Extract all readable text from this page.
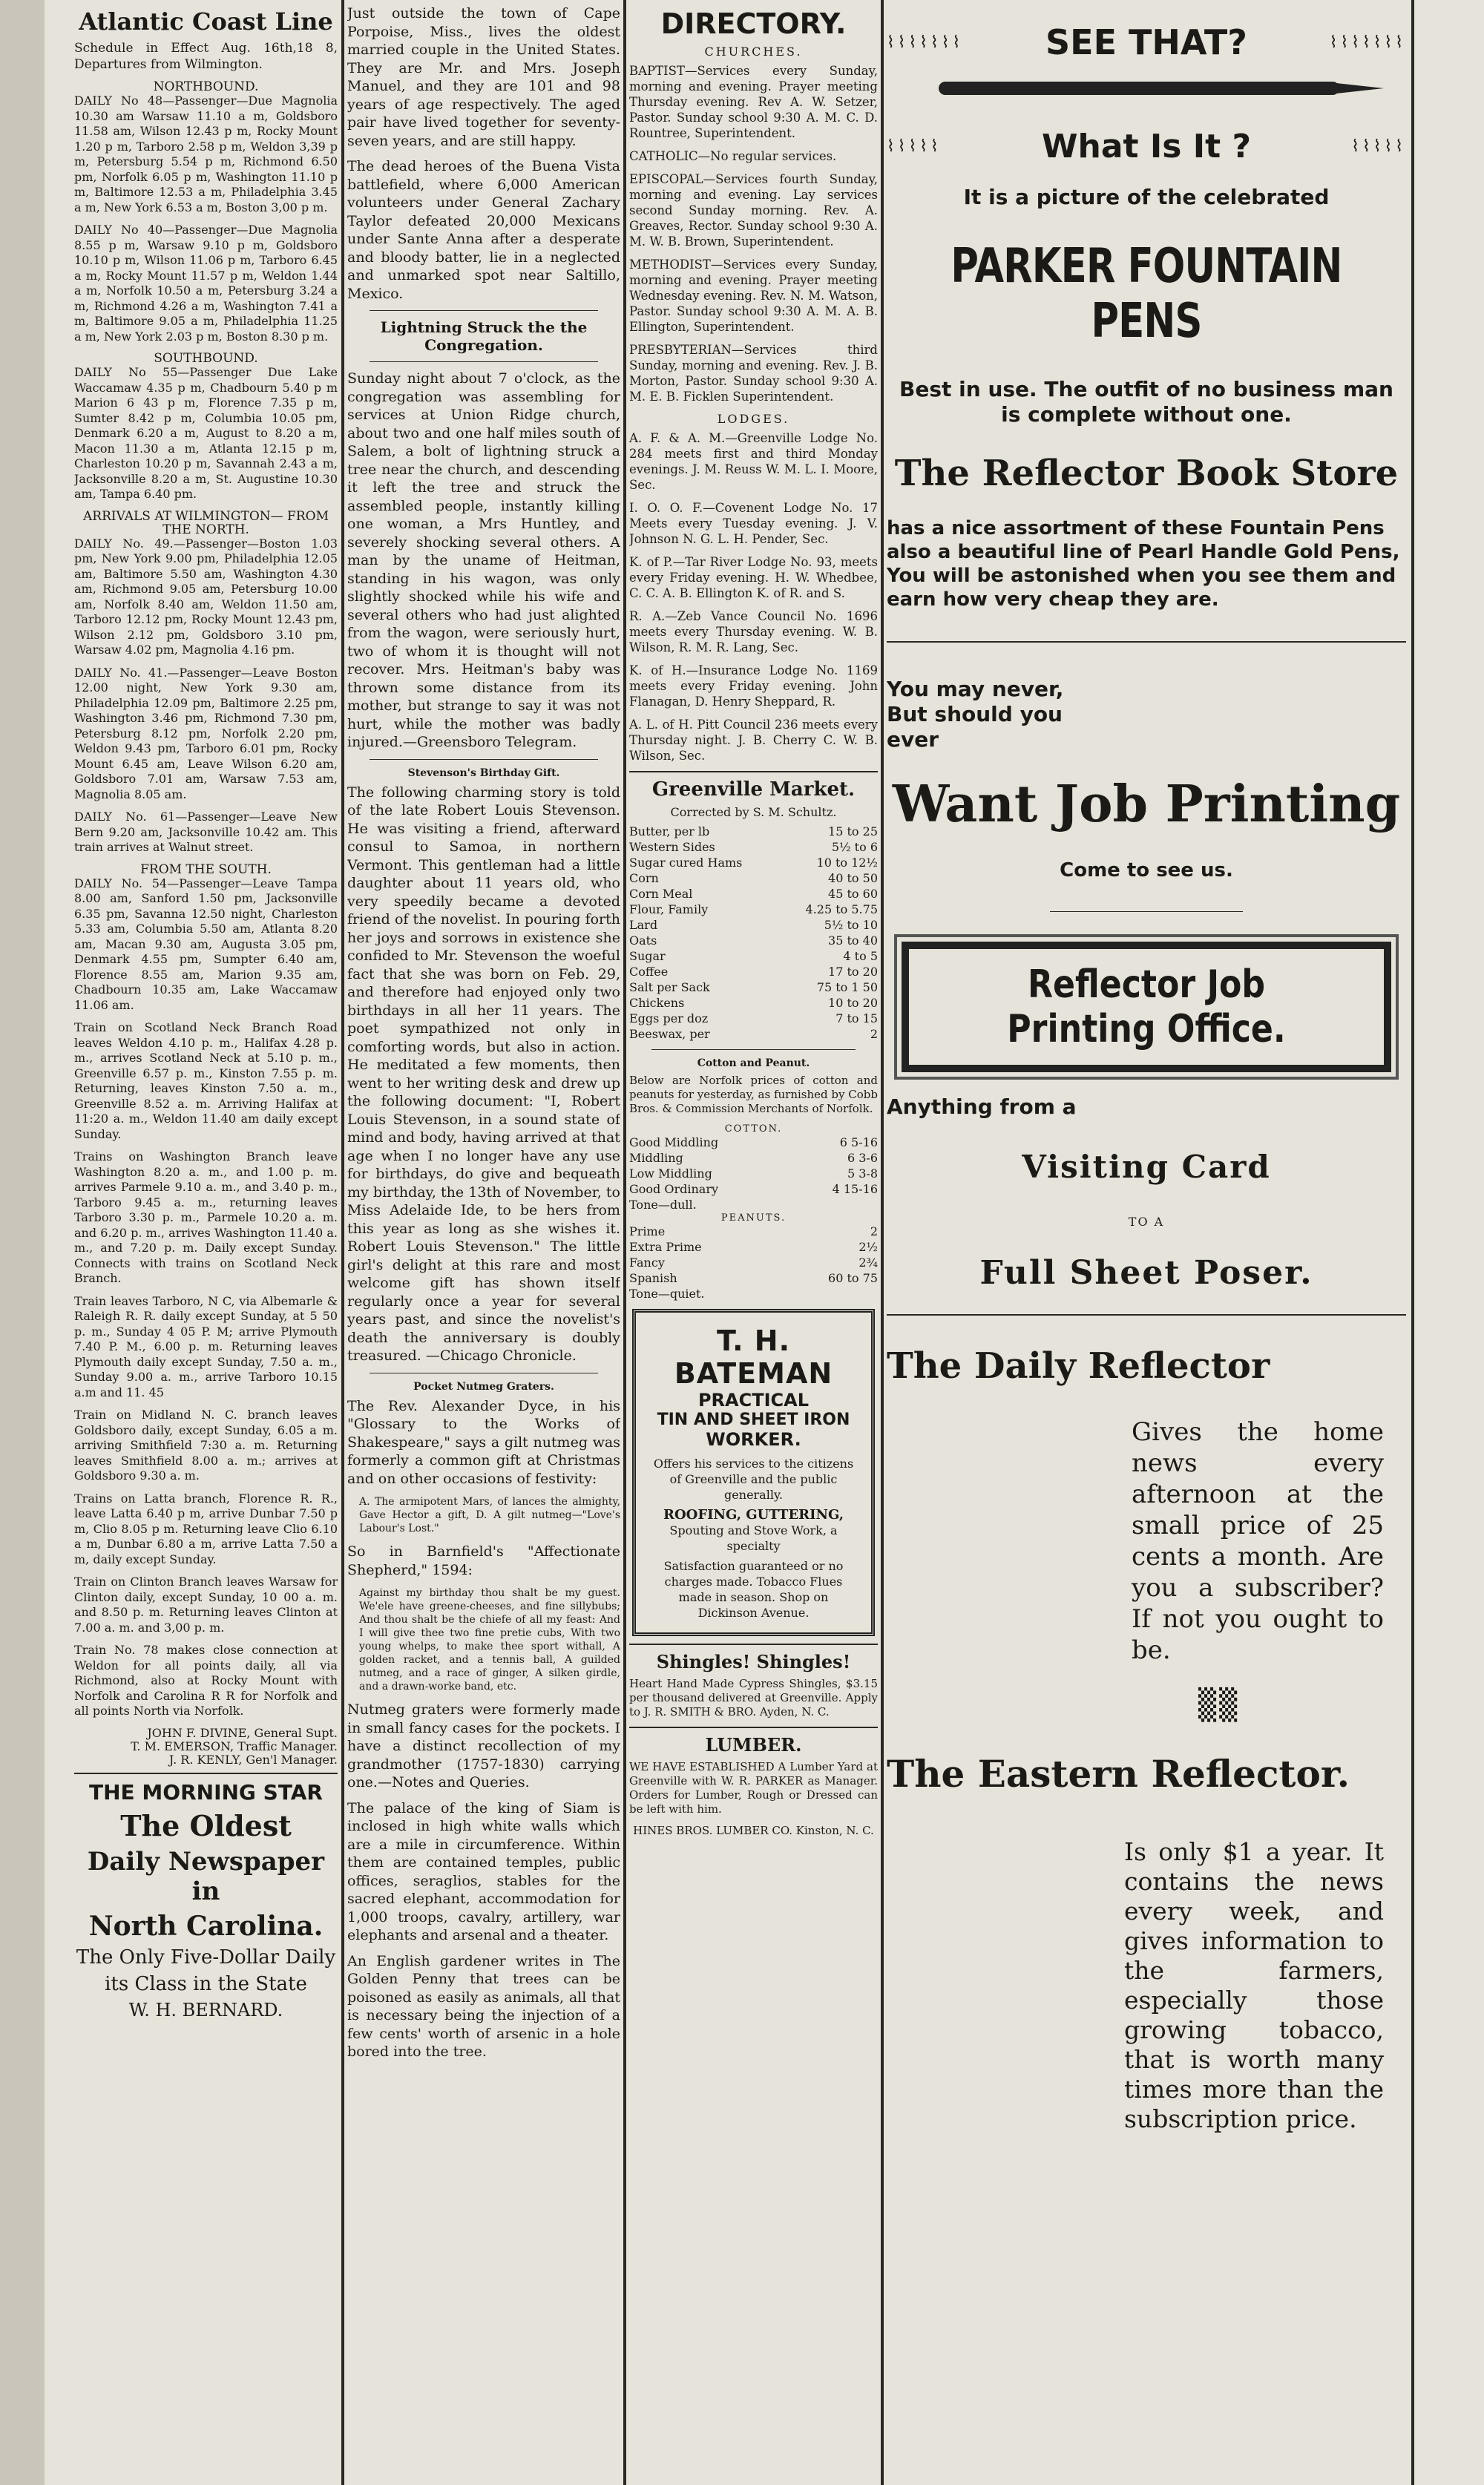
Atlantic Coast Line
Schedule in Effect Aug. 16th,18 8, Departures from Wilmington.
NORTHBOUND.
DAILY No 48—Passenger—Due Magnolia 10.30 am Warsaw 11.10 a m, Goldsboro 11.58 am, Wilson 12.43 p m, Rocky Mount 1.20 p m, Tarboro 2.58 p m, Weldon 3,39 p m, Petersburg 5.54 p m, Richmond 6.50 pm, Norfolk 6.05 p m, Washington 11.10 p m, Baltimore 12.53 a m, Philadelphia 3.45 a m, New York 6.53 a m, Boston 3,00 p m.
DAILY No 40—Passenger—Due Magnolia 8.55 p m, Warsaw 9.10 p m, Goldsboro 10.10 p m, Wilson 11.06 p m, Tarboro 6.45 a m, Rocky Mount 11.57 p m, Weldon 1.44 a m, Norfolk 10.50 a m, Petersburg 3.24 a m, Richmond 4.26 a m, Washington 7.41 a m, Baltimore 9.05 a m, Philadelphia 11.25 a m, New York 2.03 p m, Boston 8.30 p m.
SOUTHBOUND.
DAILY No 55—Passenger Due Lake Waccamaw 4.35 p m, Chadbourn 5.40 p m Marion 6 43 p m, Florence 7.35 p m, Sumter 8.42 p m, Columbia 10.05 pm, Denmark 6.20 a m, August to 8.20 a m, Macon 11.30 a m, Atlanta 12.15 p m, Charleston 10.20 p m, Savannah 2.43 a m, Jacksonville 8.20 a m, St. Augustine 10.30 am, Tampa 6.40 pm.
ARRIVALS AT WILMINGTON— FROM THE NORTH.
DAILY No. 49.—Passenger—Boston 1.03 pm, New York 9.00 pm, Philadelphia 12.05 am, Baltimore 5.50 am, Washington 4.30 am, Richmond 9.05 am, Petersburg 10.00 am, Norfolk 8.40 am, Weldon 11.50 am, Tarboro 12.12 pm, Rocky Mount 12.43 pm, Wilson 2.12 pm, Goldsboro 3.10 pm, Warsaw 4.02 pm, Magnolia 4.16 pm.
DAILY No. 41.—Passenger—Leave Boston 12.00 night, New York 9.30 am, Philadelphia 12.09 pm, Baltimore 2.25 pm, Washington 3.46 pm, Richmond 7.30 pm, Petersburg 8.12 pm, Norfolk 2.20 pm, Weldon 9.43 pm, Tarboro 6.01 pm, Rocky Mount 6.45 am, Leave Wilson 6.20 am, Goldsboro 7.01 am, Warsaw 7.53 am, Magnolia 8.05 am.
DAILY No. 61—Passenger—Leave New Bern 9.20 am, Jacksonville 10.42 am. This train arrives at Walnut street.
FROM THE SOUTH.
DAILY No. 54—Passenger—Leave Tampa 8.00 am, Sanford 1.50 pm, Jacksonville 6.35 pm, Savanna 12.50 night, Charleston 5.33 am, Columbia 5.50 am, Atlanta 8.20 am, Macan 9.30 am, Augusta 3.05 pm, Denmark 4.55 pm, Sumpter 6.40 am, Florence 8.55 am, Marion 9.35 am, Chadbourn 10.35 am, Lake Waccamaw 11.06 am.
Train on Scotland Neck Branch Road leaves Weldon 4.10 p. m., Halifax 4.28 p. m., arrives Scotland Neck at 5.10 p. m., Greenville 6.57 p. m., Kinston 7.55 p. m. Returning, leaves Kinston 7.50 a. m., Greenville 8.52 a. m. Arriving Halifax at 11:20 a. m., Weldon 11.40 am daily except Sunday.
Trains on Washington Branch leave Washington 8.20 a. m., and 1.00 p. m. arrives Parmele 9.10 a. m., and 3.40 p. m., Tarboro 9.45 a. m., returning leaves Tarboro 3.30 p. m., Parmele 10.20 a. m. and 6.20 p. m., arrives Washington 11.40 a. m., and 7.20 p. m. Daily except Sunday. Connects with trains on Scotland Neck Branch.
Train leaves Tarboro, N C, via Albemarle & Raleigh R. R. daily except Sunday, at 5 50 p. m., Sunday 4 05 P. M; arrive Plymouth 7.40 P. M., 6.00 p. m. Returning leaves Plymouth daily except Sunday, 7.50 a. m., Sunday 9.00 a. m., arrive Tarboro 10.15 a.m and 11. 45
Train on Midland N. C. branch leaves Goldsboro daily, except Sunday, 6.05 a m. arriving Smithfield 7:30 a. m. Returning leaves Smithfield 8.00 a. m.; arrives at Goldsboro 9.30 a. m.
Trains on Latta branch, Florence R. R., leave Latta 6.40 p m, arrive Dunbar 7.50 p m, Clio 8.05 p m. Returning leave Clio 6.10 a m, Dunbar 6.80 a m, arrive Latta 7.50 a m, daily except Sunday.
Train on Clinton Branch leaves Warsaw for Clinton daily, except Sunday, 10 00 a. m. and 8.50 p. m. Returning leaves Clinton at 7.00 a. m. and 3,00 p. m.
Train No. 78 makes close connection at Weldon for all points daily, all via Richmond, also at Rocky Mount with Norfolk and Carolina R R for Norfolk and all points North via Norfolk.
JOHN F. DIVINE, General Supt.
T. M. EMERSON, Traffic Manager.
J. R. KENLY, Gen'l Manager.
THE MORNING STAR
The Oldest
Daily Newspaper in
North Carolina.
The Only Five-Dollar Daily
its Class in the State
W. H. BERNARD.
Just outside the town of Cape Porpoise, Miss., lives the oldest married couple in the United States. They are Mr. and Mrs. Joseph Manuel, and they are 101 and 98 years of age respectively. The aged pair have lived together for seventy-seven years, and are still happy.
The dead heroes of the Buena Vista battlefield, where 6,000 American volunteers under General Zachary Taylor defeated 20,000 Mexicans under Sante Anna after a desperate and bloody batter, lie in a neglected and unmarked spot near Saltillo, Mexico.
Lightning Struck the the Congregation.
Sunday night about 7 o'clock, as the congregation was assembling for services at Union Ridge church, about two and one half miles south of Salem, a bolt of lightning struck a tree near the church, and descending it left the tree and struck the assembled people, instantly killing one woman, a Mrs Huntley, and severely shocking several others. A man by the uname of Heitman, standing in his wagon, was only slightly shocked while his wife and several others who had just alighted from the wagon, were seriously hurt, two of whom it is thought will not recover. Mrs. Heitman's baby was thrown some distance from its mother, but strange to say it was not hurt, while the mother was badly injured.—Greensboro Telegram.
Stevenson's Birthday Gift.
The following charming story is told of the late Robert Louis Stevenson. He was visiting a friend, afterward consul to Samoa, in northern Vermont. This gentleman had a little daughter about 11 years old, who very speedily became a devoted friend of the novelist. In pouring forth her joys and sorrows in existence she confided to Mr. Stevenson the woeful fact that she was born on Feb. 29, and therefore had enjoyed only two birthdays in all her 11 years. The poet sympathized not only in comforting words, but also in action. He meditated a few moments, then went to her writing desk and drew up the following document: "I, Robert Louis Stevenson, in a sound state of mind and body, having arrived at that age when I no longer have any use for birthdays, do give and bequeath my birthday, the 13th of November, to Miss Adelaide Ide, to be hers from this year as long as she wishes it. Robert Louis Stevenson." The little girl's delight at this rare and most welcome gift has shown itself regularly once a year for several years past, and since the novelist's death the anniversary is doubly treasured. —Chicago Chronicle.
Pocket Nutmeg Graters.
The Rev. Alexander Dyce, in his "Glossary to the Works of Shakespeare," says a gilt nutmeg was formerly a common gift at Christmas and on other occasions of festivity:
A. The armipotent Mars, of lances the almighty, Gave Hector a gift, D. A gilt nutmeg—"Love's Labour's Lost."
So in Barnfield's "Affectionate Shepherd," 1594:
Against my birthday thou shalt be my guest. We'ele have greene-cheeses, and fine sillybubs; And thou shalt be the chiefe of all my feast: And I will give thee two fine pretie cubs, With two young whelps, to make thee sport withall, A golden racket, and a tennis ball, A guilded nutmeg, and a race of ginger, A silken girdle, and a drawn-worke band, etc.
Nutmeg graters were formerly made in small fancy cases for the pockets. I have a distinct recollection of my grandmother (1757-1830) carrying one.—Notes and Queries.
The palace of the king of Siam is inclosed in high white walls which are a mile in circumference. Within them are contained temples, public offices, seraglios, stables for the sacred elephant, accommodation for 1,000 troops, cavalry, artillery, war elephants and arsenal and a theater.
An English gardener writes in The Golden Penny that trees can be poisoned as easily as animals, all that is necessary being the injection of a few cents' worth of arsenic in a hole bored into the tree.
DIRECTORY.
CHURCHES.
BAPTIST—Services every Sunday, morning and evening. Prayer meeting Thursday evening. Rev A. W. Setzer, Pastor. Sunday school 9:30 A. M. C. D. Rountree, Superintendent.
CATHOLIC—No regular services.
EPISCOPAL—Services fourth Sunday, morning and evening. Lay services second Sunday morning. Rev. A. Greaves, Rector. Sunday school 9:30 A. M. W. B. Brown, Superintendent.
METHODIST—Services every Sunday, morning and evening. Prayer meeting Wednesday evening. Rev. N. M. Watson, Pastor. Sunday school 9:30 A. M. A. B. Ellington, Superintendent.
PRESBYTERIAN—Services third Sunday, morning and evening. Rev. J. B. Morton, Pastor. Sunday school 9:30 A. M. E. B. Ficklen Superintendent.
LODGES.
A. F. & A. M.—Greenville Lodge No. 284 meets first and third Monday evenings. J. M. Reuss W. M. L. I. Moore, Sec.
I. O. O. F.—Covenent Lodge No. 17 Meets every Tuesday evening. J. V. Johnson N. G. L. H. Pender, Sec.
K. of P.—Tar River Lodge No. 93, meets every Friday evening. H. W. Whedbee, C. C. A. B. Ellington K. of R. and S.
R. A.—Zeb Vance Council No. 1696 meets every Thursday evening. W. B. Wilson, R. M. R. Lang, Sec.
K. of H.—Insurance Lodge No. 1169 meets every Friday evening. John Flanagan, D. Henry Sheppard, R.
A. L. of H. Pitt Council 236 meets every Thursday night. J. B. Cherry C. W. B. Wilson, Sec.
Greenville Market.
Corrected by S. M. Schultz.
Butter, per lb	15 to 25
Western Sides	5½ to 6
Sugar cured Hams	10 to 12½
Corn	40 to 50
Corn Meal	45 to 60
Flour, Family	4.25 to 5.75
Lard	5½ to 10
Oats	35 to 40
Sugar	4 to 5
Coffee	17 to 20
Salt per Sack	75 to 1 50
Chickens	10 to 20
Eggs per doz	7 to 15
Beeswax, per	2
Cotton and Peanut.
Below are Norfolk prices of cotton and peanuts for yesterday, as furnished by Cobb Bros. & Commission Merchants of Norfolk.
COTTON.
Good Middling	6 5-16
Middling	6 3-6
Low Middling	5 3-8
Good Ordinary	4 15-16
Tone—dull.
PEANUTS.
Prime	2
Extra Prime	2½
Fancy	2¾
Spanish	60 to 75
Tone—quiet.
T. H. BATEMAN
PRACTICAL
TIN AND SHEET IRON
WORKER.
Offers his services to the citizens of Greenville and the public generally.
ROOFING, GUTTERING,
Spouting and Stove Work, a specialty
Satisfaction guaranteed or no charges made. Tobacco Flues made in season. Shop on Dickinson Avenue.
Shingles! Shingles!
Heart Hand Made Cypress Shingles, $3.15 per thousand delivered at Greenville. Apply to J. R. SMITH & BRO. Ayden, N. C.
LUMBER.
WE HAVE ESTABLISHED A Lumber Yard at Greenville with W. R. PARKER as Manager. Orders for Lumber, Rough or Dressed can be left with him.
HINES BROS. LUMBER CO. Kinston, N. C.
⌇⌇⌇⌇⌇⌇⌇ SEE THAT?	⌇⌇⌇⌇⌇⌇⌇
⌇⌇⌇⌇⌇	What Is It ?	⌇⌇⌇⌇⌇
It is a picture of the celebrated
PARKER FOUNTAIN PENS
Best in use. The outfit of no business man is complete without one.
The Reflector Book Store
has a nice assortment of these Fountain Pens also a beautiful line of Pearl Handle Gold Pens, You will be astonished when you see them and earn how very cheap they are.
You may never, But should you ever
Want Job Printing
Come to see us.
Reflector Job Printing Office.
Anything from a
Visiting Card
TO A
Full Sheet Poser.
The Daily Reflector
Gives the home news every afternoon at the small price of 25 cents a month. Are you a subscriber? If not you ought to be.
▒▒
The Eastern Reflector.
Is only $1 a year. It contains the news every week, and gives information to the farmers, especially those growing tobacco, that is worth many times more than the subscription price.
